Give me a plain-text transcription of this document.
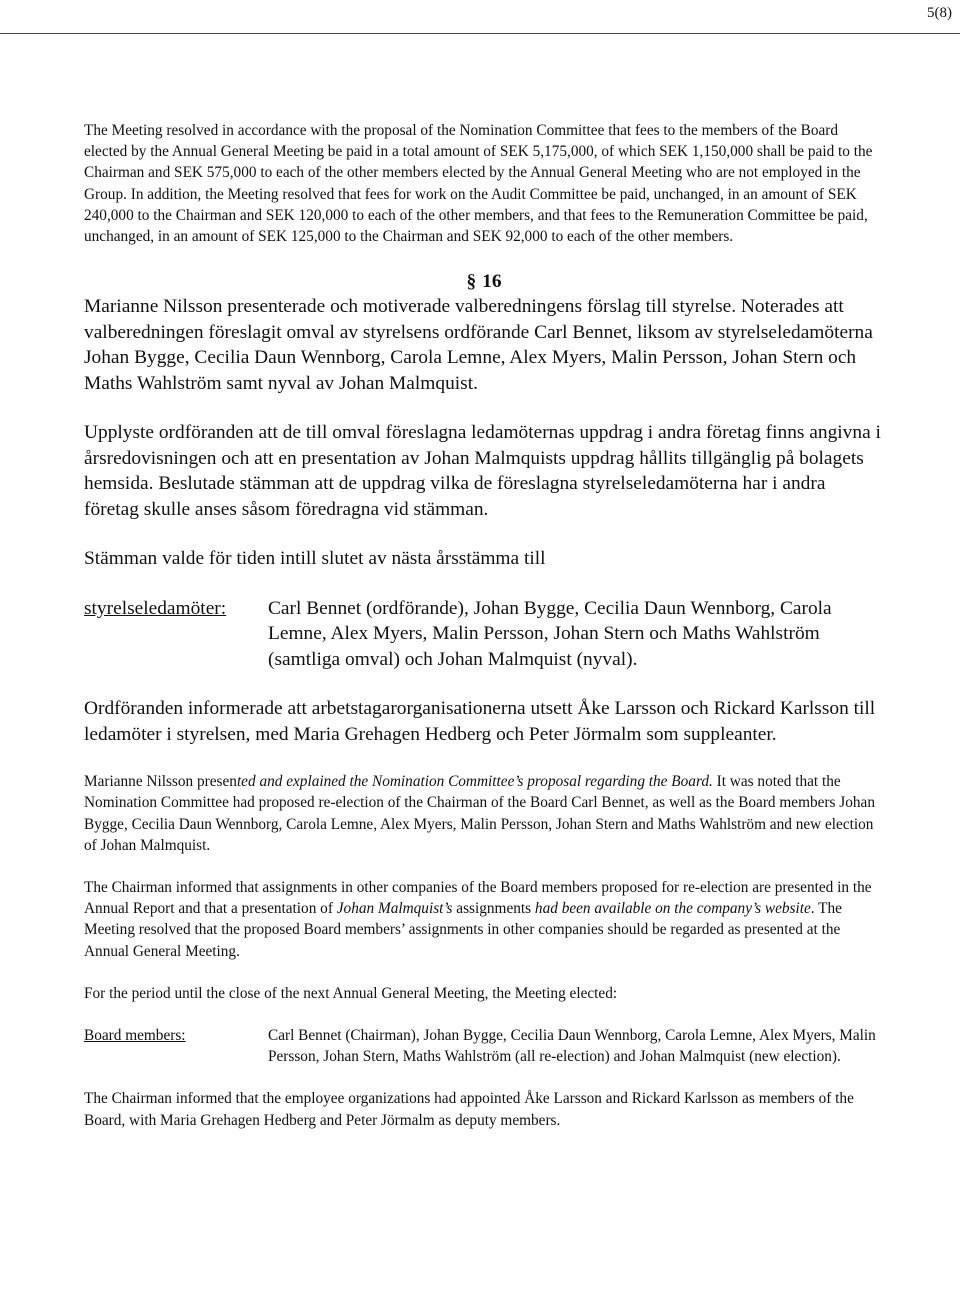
5(8)

The Meeting resolved in accordance with the proposal of the Nomination Committee that fees to the members of the Board elected by the Annual General Meeting be paid in a total amount of SEK 5,175,000, of which SEK 1,150,000 shall be paid to the Chairman and SEK 575,000 to each of the other members elected by the Annual General Meeting who are not employed in the Group. In addition, the Meeting resolved that fees for work on the Audit Committee be paid, unchanged, in an amount of SEK 240,000 to the Chairman and SEK 120,000 to each of the other members, and that fees to the Remuneration Committee be paid, unchanged, in an amount of SEK 125,000 to the Chairman and SEK 92,000 to each of the other members.

§ 16

Marianne Nilsson presenterade och motiverade valberedningens förslag till styrelse. Noterades att valberedningen föreslagit omval av styrelsens ordförande Carl Bennet, liksom av styrelseledamöterna Johan Bygge, Cecilia Daun Wennborg, Carola Lemne, Alex Myers, Malin Persson, Johan Stern och Maths Wahlström samt nyval av Johan Malmquist.

Upplyste ordföranden att de till omval föreslagna ledamöternas uppdrag i andra företag finns angivna i årsredovisningen och att en presentation av Johan Malmquists uppdrag hållits tillgänglig på bolagets hemsida. Beslutade stämman att de uppdrag vilka de föreslagna styrelseledamöterna har i andra företag skulle anses såsom föredragna vid stämman.

Stämman valde för tiden intill slutet av nästa årsstämma till

styrelseledamöter:	Carl Bennet (ordförande), Johan Bygge, Cecilia Daun Wennborg, Carola Lemne, Alex Myers, Malin Persson, Johan Stern och Maths Wahlström (samtliga omval) och Johan Malmquist (nyval).

Ordföranden informerade att arbetstagarorganisationerna utsett Åke Larsson och Rickard Karlsson till ledamöter i styrelsen, med Maria Grehagen Hedberg och Peter Jörmalm som suppleanter.

Marianne Nilsson presented and explained the Nomination Committee’s proposal regarding the Board. It was noted that the Nomination Committee had proposed re-election of the Chairman of the Board Carl Bennet, as well as the Board members Johan Bygge, Cecilia Daun Wennborg, Carola Lemne, Alex Myers, Malin Persson, Johan Stern and Maths Wahlström and new election of Johan Malmquist.

The Chairman informed that assignments in other companies of the Board members proposed for re-election are presented in the Annual Report and that a presentation of Johan Malmquist’s assignments had been available on the company’s website. The Meeting resolved that the proposed Board members’ assignments in other companies should be regarded as presented at the Annual General Meeting.

For the period until the close of the next Annual General Meeting, the Meeting elected:

Board members:	Carl Bennet (Chairman), Johan Bygge, Cecilia Daun Wennborg, Carola Lemne, Alex Myers, Malin Persson, Johan Stern, Maths Wahlström (all re-election) and Johan Malmquist (new election).

The Chairman informed that the employee organizations had appointed Åke Larsson and Rickard Karlsson as members of the Board, with Maria Grehagen Hedberg and Peter Jörmalm as deputy members.
